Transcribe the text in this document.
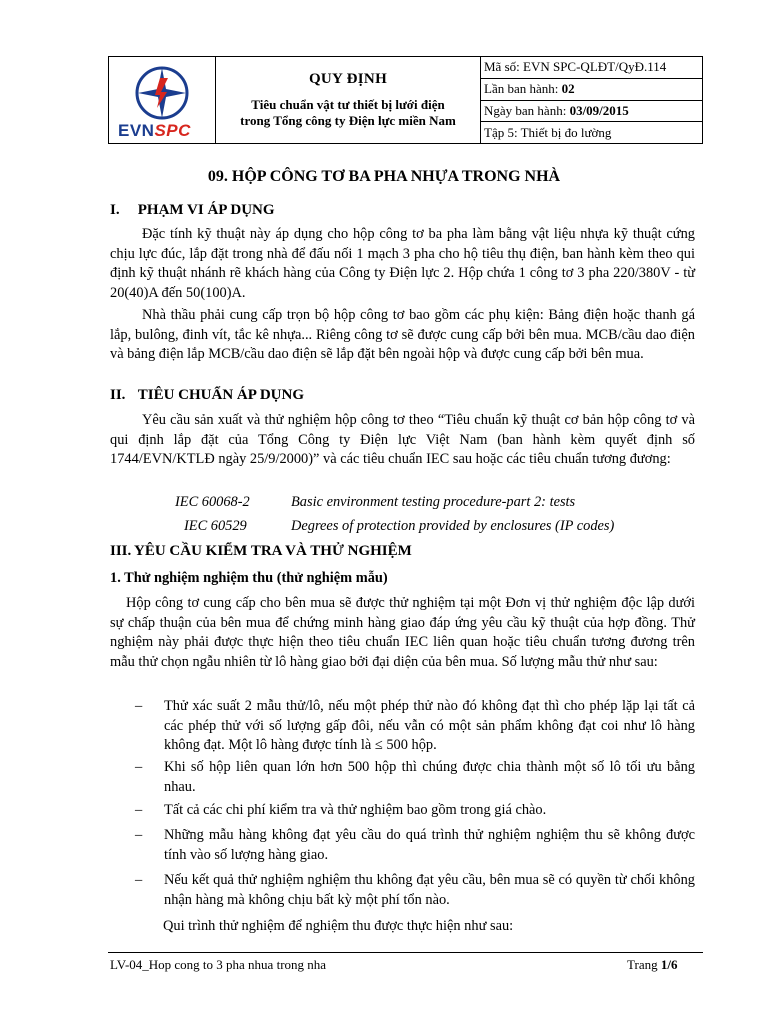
EVNSPC
QUY ĐỊNH
Tiêu chuẩn vật tư thiết bị lưới điện
trong Tổng công ty Điện lực miền Nam
Mã số: EVN SPC-QLĐT/QyĐ.114
Lần ban hành:
02
Ngày ban hành:
03/09/2015
Tập 5: Thiết bị đo lường
09. HỘP CÔNG TƠ BA PHA NHỰA TRONG NHÀ
I. PHẠM VI ÁP DỤNG
Đặc tính kỹ thuật này áp dụng cho hộp công tơ ba pha làm bằng vật liệu nhựa kỹ thuật cứng chịu lực đúc, lắp đặt trong nhà để đấu nối 1 mạch 3 pha cho hộ tiêu thụ điện, ban hành kèm theo qui định kỹ thuật nhánh rẽ khách hàng của Công ty Điện lực 2. Hộp chứa 1 công tơ 3 pha 220/380V - từ 20(40)A đến 50(100)A.
Nhà thầu phải cung cấp trọn bộ hộp công tơ bao gồm các phụ kiện: Bảng điện hoặc thanh gá lắp, bulông, đinh vít, tắc kê nhựa... Riêng công tơ sẽ được cung cấp bởi bên mua. MCB/cầu dao điện và bảng điện lắp MCB/cầu dao điện sẽ lắp đặt bên ngoài hộp và được cung cấp bởi bên mua.
II. TIÊU CHUẨN ÁP DỤNG
Yêu cầu sản xuất và thử nghiệm hộp công tơ theo “Tiêu chuẩn kỹ thuật cơ bản hộp công tơ và qui định lắp đặt của Tổng Công ty Điện lực Việt Nam (ban hành kèm quyết định số 1744/EVN/KTLĐ ngày 25/9/2000)” và các tiêu chuẩn IEC sau hoặc các tiêu chuẩn tương đương:
IEC 60068-2	Basic environment testing procedure-part 2: tests
IEC 60529	Degrees of protection provided by enclosures (IP codes)
III. YÊU CẦU KIỂM TRA VÀ THỬ NGHIỆM
1. Thử nghiệm nghiệm thu (thử nghiệm mẫu)
Hộp công tơ cung cấp cho bên mua sẽ được thử nghiệm tại một Đơn vị thử nghiệm độc lập dưới sự chấp thuận của bên mua để chứng minh hàng giao đáp ứng yêu cầu kỹ thuật của hợp đồng. Thử nghiệm này phải được thực hiện theo tiêu chuẩn IEC liên quan hoặc tiêu chuẩn tương đương trên mẫu thử chọn ngẫu nhiên từ lô hàng giao bởi đại diện của bên mua. Số lượng mẫu thử như sau:
– Thử xác suất 2 mẫu thử/lô, nếu một phép thử nào đó không đạt thì cho phép lặp lại tất cả các phép thử với số lượng gấp đôi, nếu vẫn có một sản phẩm không đạt coi như lô hàng không đạt. Một lô hàng được tính là ≤ 500 hộp.
– Khi số hộp liên quan lớn hơn 500 hộp thì chúng được chia thành một số lô tối ưu bằng nhau.
– Tất cả các chi phí kiểm tra và thử nghiệm bao gồm trong giá chào.
– Những mẫu hàng không đạt yêu cầu do quá trình thử nghiệm nghiệm thu sẽ không được tính vào số lượng hàng giao.
– Nếu kết quả thử nghiệm nghiệm thu không đạt yêu cầu, bên mua sẽ có quyền từ chối không nhận hàng mà không chịu bất kỳ một phí tổn nào.
Qui trình thử nghiệm để nghiệm thu được thực hiện như sau:
LV-04_Hop cong to 3 pha nhua trong nha	Trang 1/6
